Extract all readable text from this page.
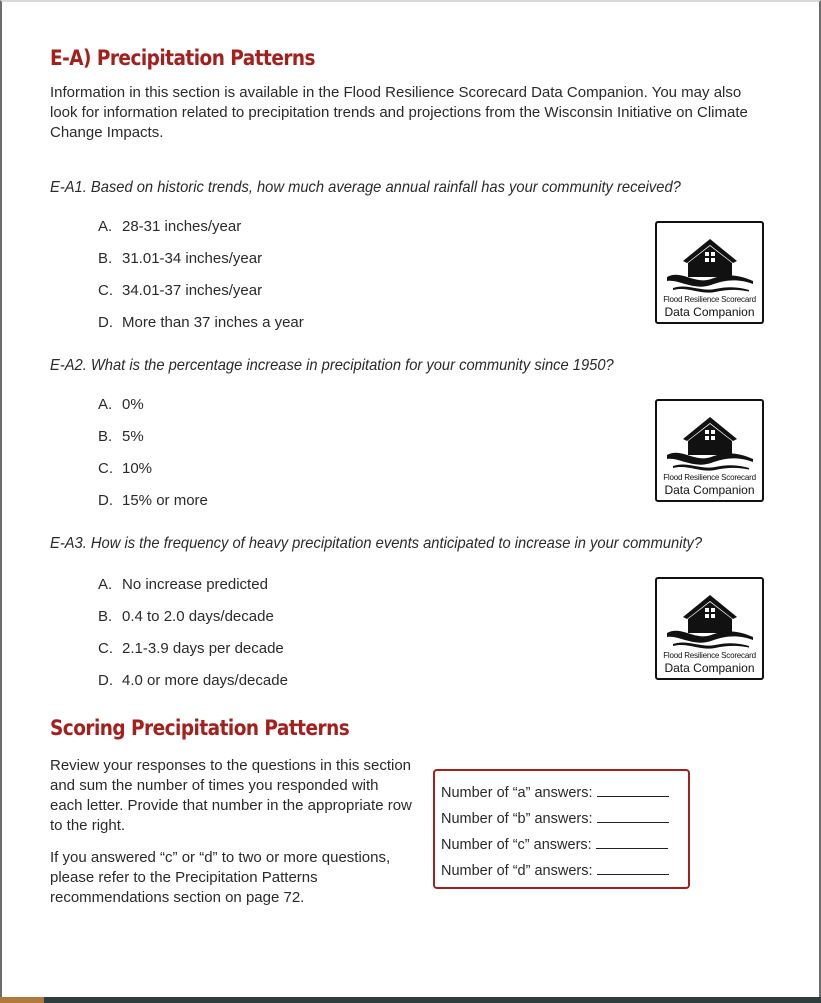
E-A) Precipitation Patterns

Information in this section is available in the Flood Resilience Scorecard Data Companion. You may also look for information related to precipitation trends and projections from the Wisconsin Initiative on Climate Change Impacts.

E-A1. Based on historic trends, how much average annual rainfall has your community received?

A. 28-31 inches/year
B. 31.01-34 inches/year
C. 34.01-37 inches/year
D. More than 37 inches a year
Flood Resilience Scorecard
Data Companion

E-A2. What is the percentage increase in precipitation for your community since 1950?

A. 0%
B. 5%
C. 10%
D. 15% or more
Flood Resilience Scorecard
Data Companion

E-A3. How is the frequency of heavy precipitation events anticipated to increase in your community?

A. No increase predicted
B. 0.4 to 2.0 days/decade
C. 2.1-3.9 days per decade
D. 4.0 or more days/decade
Flood Resilience Scorecard
Data Companion
Scoring Precipitation Patterns

Review your responses to the questions in this section and sum the number of times you responded with each letter. Provide that number in the appropriate row to the right.

If you answered “c” or “d” to two or more questions, please refer to the Precipitation Patterns recommendations section on page 72.

Number of “a” answers:
Number of “b” answers:
Number of “c” answers:
Number of “d” answers:
